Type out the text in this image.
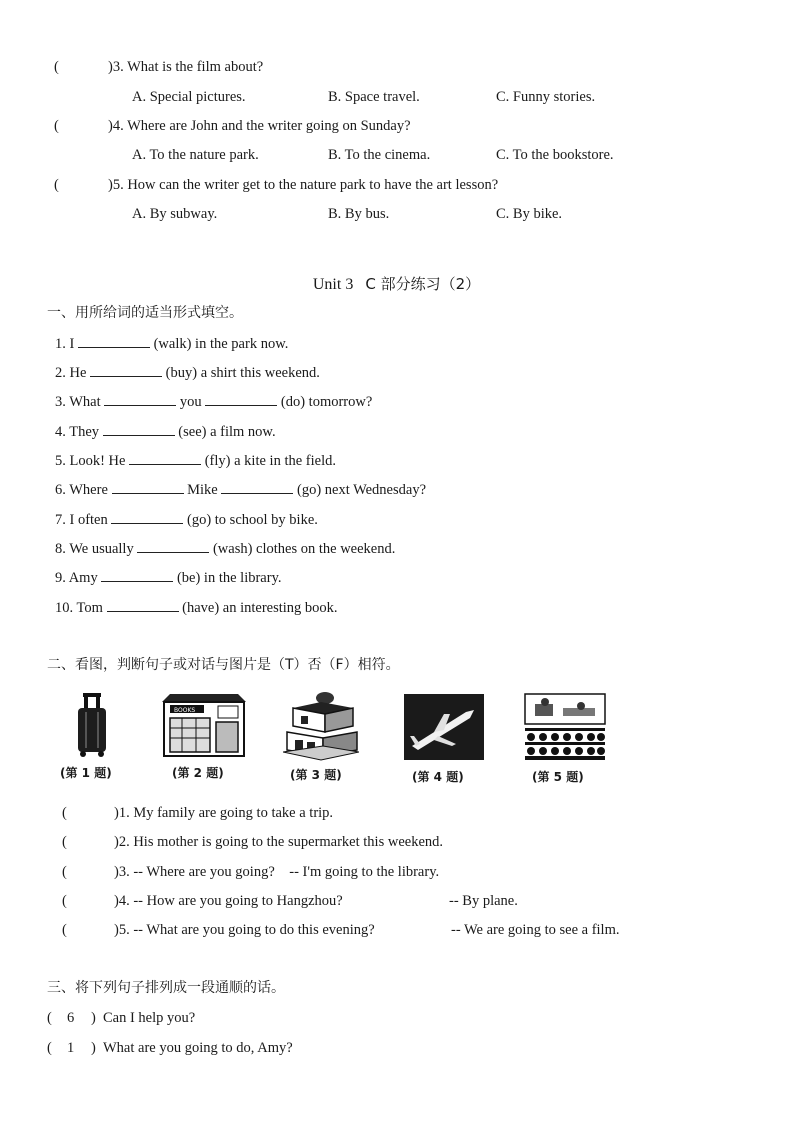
(	)3. What is the film about?
A. Special pictures.	B. Space travel.	C. Funny stories.
(	)4. Where are John and the writer going on Sunday?
A. To the nature park.	B. To the cinema.	C. To the bookstore.
(	)5. How can the writer get to the nature park to have the art lesson?
A. By subway.	B. By bus.	C. By bike.
Unit 3 C 部分练习（2）
一、用所给词的适当形式填空。
1. I	(walk) in the park now.
2. He	(buy) a shirt this weekend.
3. What	you	(do) tomorrow?
4. They	(see) a film now.
5. Look! He	(fly) a kite in the field.
6. Where	Mike	(go) next Wednesday?
7. I often	(go) to school by bike.
8. We usually	(wash) clothes on the weekend.
9. Amy	(be) in the library.
10. Tom	(have) an interesting book.
二、看图，判断句子或对话与图片是（T）否（F）相符。
BOOKS
(第 1 题)	(第 2 题)	(第 3 题)	(第 4 题)	(第 5 题)
(	)1. My family are going to take a trip.
(	)2. His mother is going to the supermarket this weekend.
(	)3. -- Where are you going?    -- I'm going to the library.
(	)4. -- How are you going to Hangzhou?	-- By plane.
(	)5. -- What are you going to do this evening?	-- We are going to see a film.
三、将下列句子排列成一段通顺的话。
( 6 ) Can I help you?
( 1 ) What are you going to do, Amy?
